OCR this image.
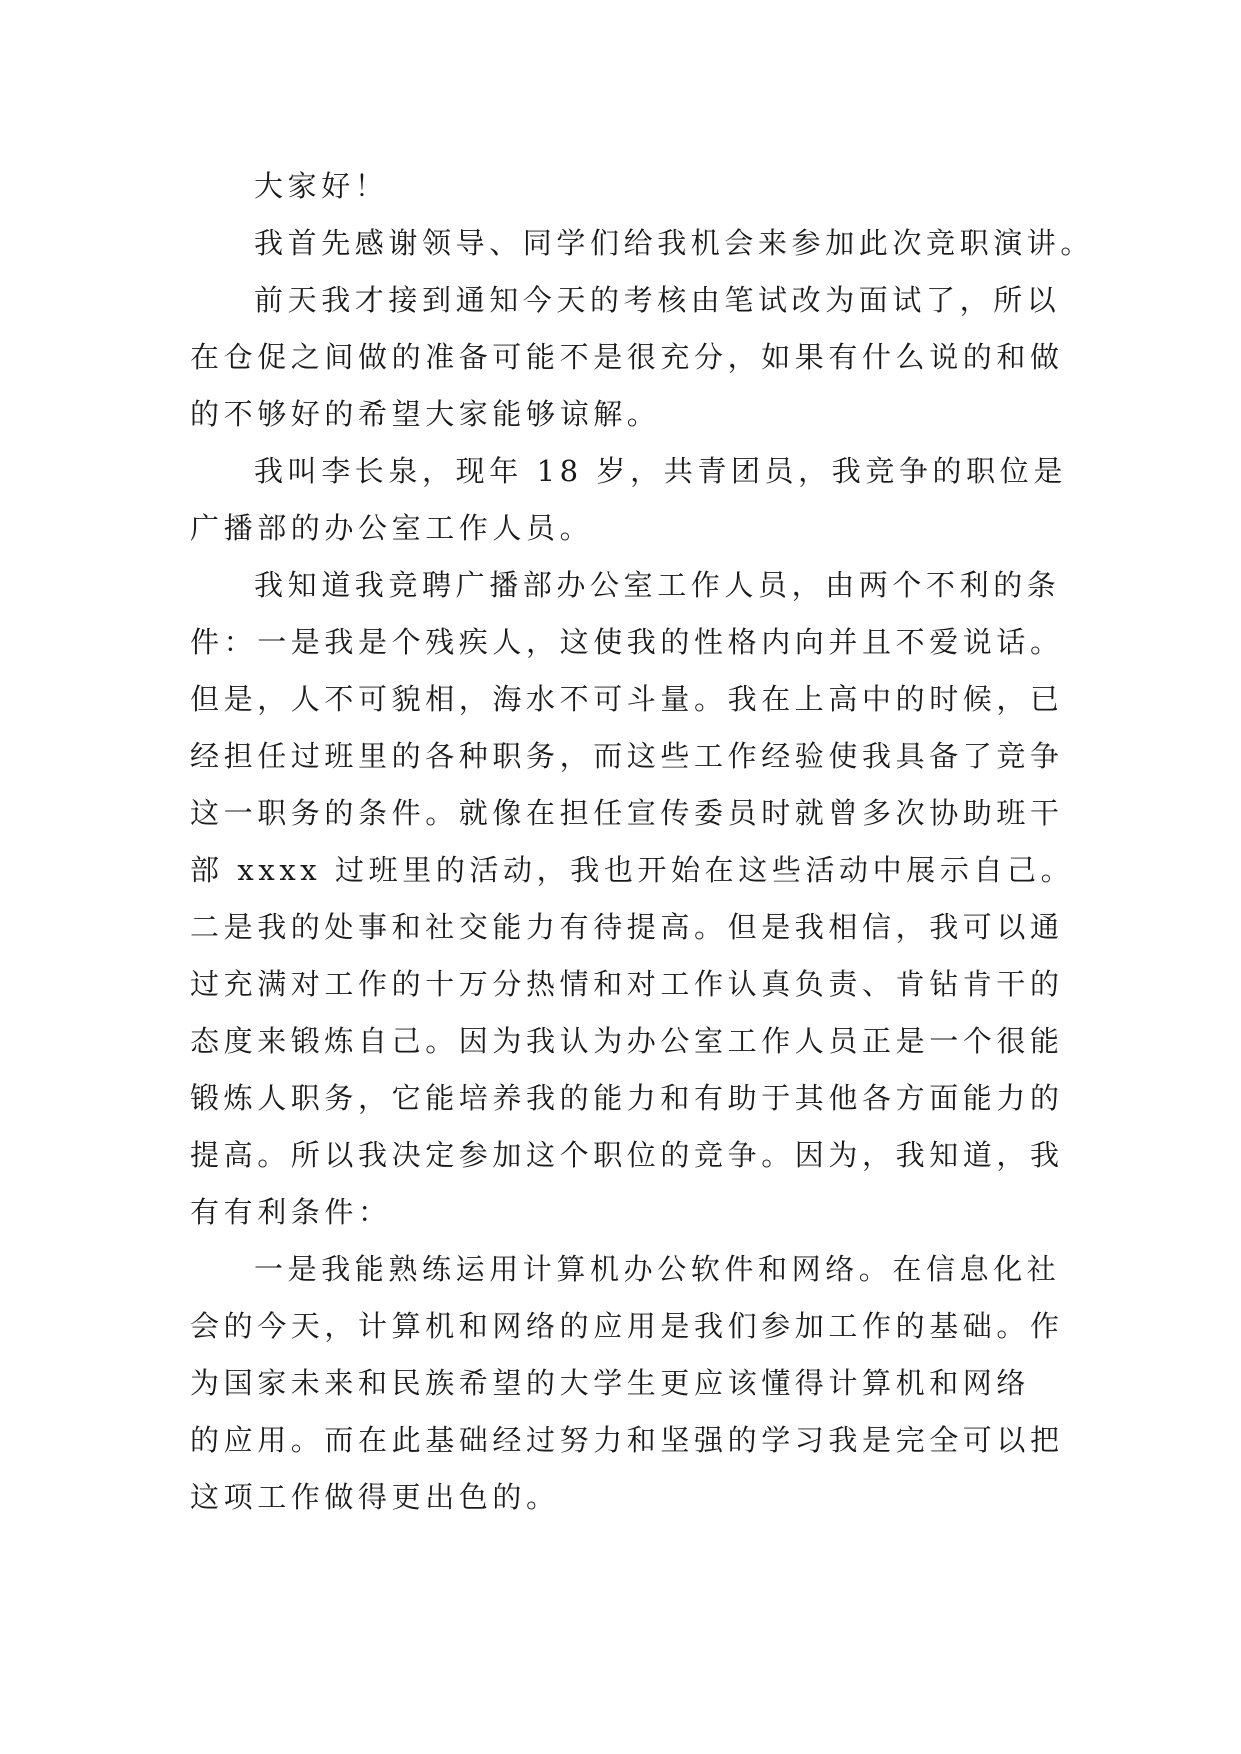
大家好！
我首先感谢领导、同学们给我机会来参加此次竞职演讲。
前天我才接到通知今天的考核由笔试改为面试了，所以
在仓促之间做的准备可能不是很充分，如果有什么说的和做
的不够好的希望大家能够谅解。
我叫李长泉，现年 18 岁，共青团员，我竞争的职位是
广播部的办公室工作人员。
我知道我竞聘广播部办公室工作人员，由两个不利的条
件：一是我是个残疾人，这使我的性格内向并且不爱说话。
但是，人不可貌相，海水不可斗量。我在上高中的时候，已
经担任过班里的各种职务，而这些工作经验使我具备了竞争
这一职务的条件。就像在担任宣传委员时就曾多次协助班干
部 xxxx 过班里的活动，我也开始在这些活动中展示自己。
二是我的处事和社交能力有待提高。但是我相信，我可以通
过充满对工作的十万分热情和对工作认真负责、肯钻肯干的
态度来锻炼自己。因为我认为办公室工作人员正是一个很能
锻炼人职务，它能培养我的能力和有助于其他各方面能力的
提高。所以我决定参加这个职位的竞争。因为，我知道，我
有有利条件：
一是我能熟练运用计算机办公软件和网络。在信息化社
会的今天，计算机和网络的应用是我们参加工作的基础。作
为国家未来和民族希望的大学生更应该懂得计算机和网络
的应用。而在此基础经过努力和坚强的学习我是完全可以把
这项工作做得更出色的。
